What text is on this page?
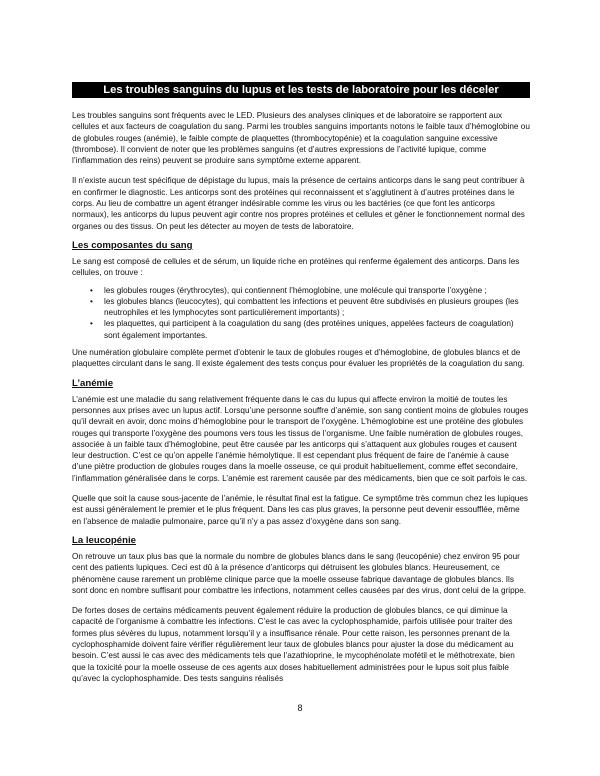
Les troubles sanguins du lupus et les tests de laboratoire pour les déceler

Les troubles sanguins sont fréquents avec le LED. Plusieurs des analyses cliniques et de laboratoire se rapportent aux cellules et aux facteurs de coagulation du sang. Parmi les troubles sanguins importants notons le faible taux d’hémoglobine ou de globules rouges (anémie), le faible compte de plaquettes (thrombocytopénie) et la coagulation sanguine excessive (thrombose). Il convient de noter que les problèmes sanguins (et d’autres expressions de l’activité lupique, comme l’inflammation des reins) peuvent se produire sans symptôme externe apparent.

Il n’existe aucun test spécifique de dépistage du lupus, mais la présence de certains anticorps dans le sang peut contribuer à en confirmer le diagnostic. Les anticorps sont des protéines qui reconnaissent et s’agglutinent à d’autres protéines dans le corps. Au lieu de combattre un agent étranger indésirable comme les virus ou les bactéries (ce que font les anticorps normaux), les anticorps du lupus peuvent agir contre nos propres protéines et cellules et gêner le fonctionnement normal des organes ou des tissus. On peut les détecter au moyen de tests de laboratoire.

Les composantes du sang

Le sang est composé de cellules et de sérum, un liquide riche en protéines qui renferme également des anticorps. Dans les cellules, on trouve :

• les globules rouges (érythrocytes), qui contiennent l’hémoglobine, une molécule qui transporte l’oxygène ;
• les globules blancs (leucocytes), qui combattent les infections et peuvent être subdivisés en plusieurs groupes (les neutrophiles et les lymphocytes sont particulièrement importants) ;
• les plaquettes, qui participent à la coagulation du sang (des protéines uniques, appelées facteurs de coagulation) sont également importantes.

Une numération globulaire complète permet d’obtenir le taux de globules rouges et d’hémoglobine, de globules blancs et de plaquettes circulant dans le sang. Il existe également des tests conçus pour évaluer les propriétés de la coagulation du sang.

L’anémie

L’anémie est une maladie du sang relativement fréquente dans le cas du lupus qui affecte environ la moitié de toutes les personnes aux prises avec un lupus actif. Lorsqu’une personne souffre d’anémie, son sang contient moins de globules rouges qu’il devrait en avoir, donc moins d’hémoglobine pour le transport de l’oxygène. L’hémoglobine est une protéine des globules rouges qui transporte l’oxygène des poumons vers tous les tissus de l’organisme. Une faible numération de globules rouges, associée à un faible taux d’hémoglobine, peut être causée par les anticorps qui s’attaquent aux globules rouges et causent leur destruction. C’est ce qu’on appelle l’anémie hémolytique. Il est cependant plus fréquent de faire de l’anémie à cause d’une piètre production de globules rouges dans la moelle osseuse, ce qui produit habituellement, comme effet secondaire, l’inflammation généralisée dans le corps. L’anémie est rarement causée par des médicaments, bien que ce soit parfois le cas.

Quelle que soit la cause sous-jacente de l’anémie, le résultat final est la fatigue. Ce symptôme très commun chez les lupiques est aussi généralement le premier et le plus fréquent. Dans les cas plus graves, la personne peut devenir essoufflée, même en l’absence de maladie pulmonaire, parce qu’il n’y a pas assez d’oxygène dans son sang.

La leucopénie

On retrouve un taux plus bas que la normale du nombre de globules blancs dans le sang (leucopénie) chez environ 95 pour cent des patients lupiques. Ceci est dû à la présence d’anticorps qui détruisent les globules blancs. Heureusement, ce phénomène cause rarement un problème clinique parce que la moelle osseuse fabrique davantage de globules blancs. Ils sont donc en nombre suffisant pour combattre les infections, notamment celles causées par des virus, dont celui de la grippe.

De fortes doses de certains médicaments peuvent également réduire la production de globules blancs, ce qui diminue la capacité de l’organisme à combattre les infections. C’est le cas avec la cyclophosphamide, parfois utilisée pour traiter des formes plus sévères du lupus, notamment lorsqu’il y a insuffisance rénale. Pour cette raison, les personnes prenant de la cyclophosphamide doivent faire vérifier régulièrement leur taux de globules blancs pour ajuster la dose du médicament au besoin. C’est aussi le cas avec des médicaments tels que l’azathioprine, le mycophénolate mofétil et le méthotrexate, bien que la toxicité pour la moelle osseuse de ces agents aux doses habituellement administrées pour le lupus soit plus faible qu’avec la cyclophosphamide. Des tests sanguins réalisés

8
